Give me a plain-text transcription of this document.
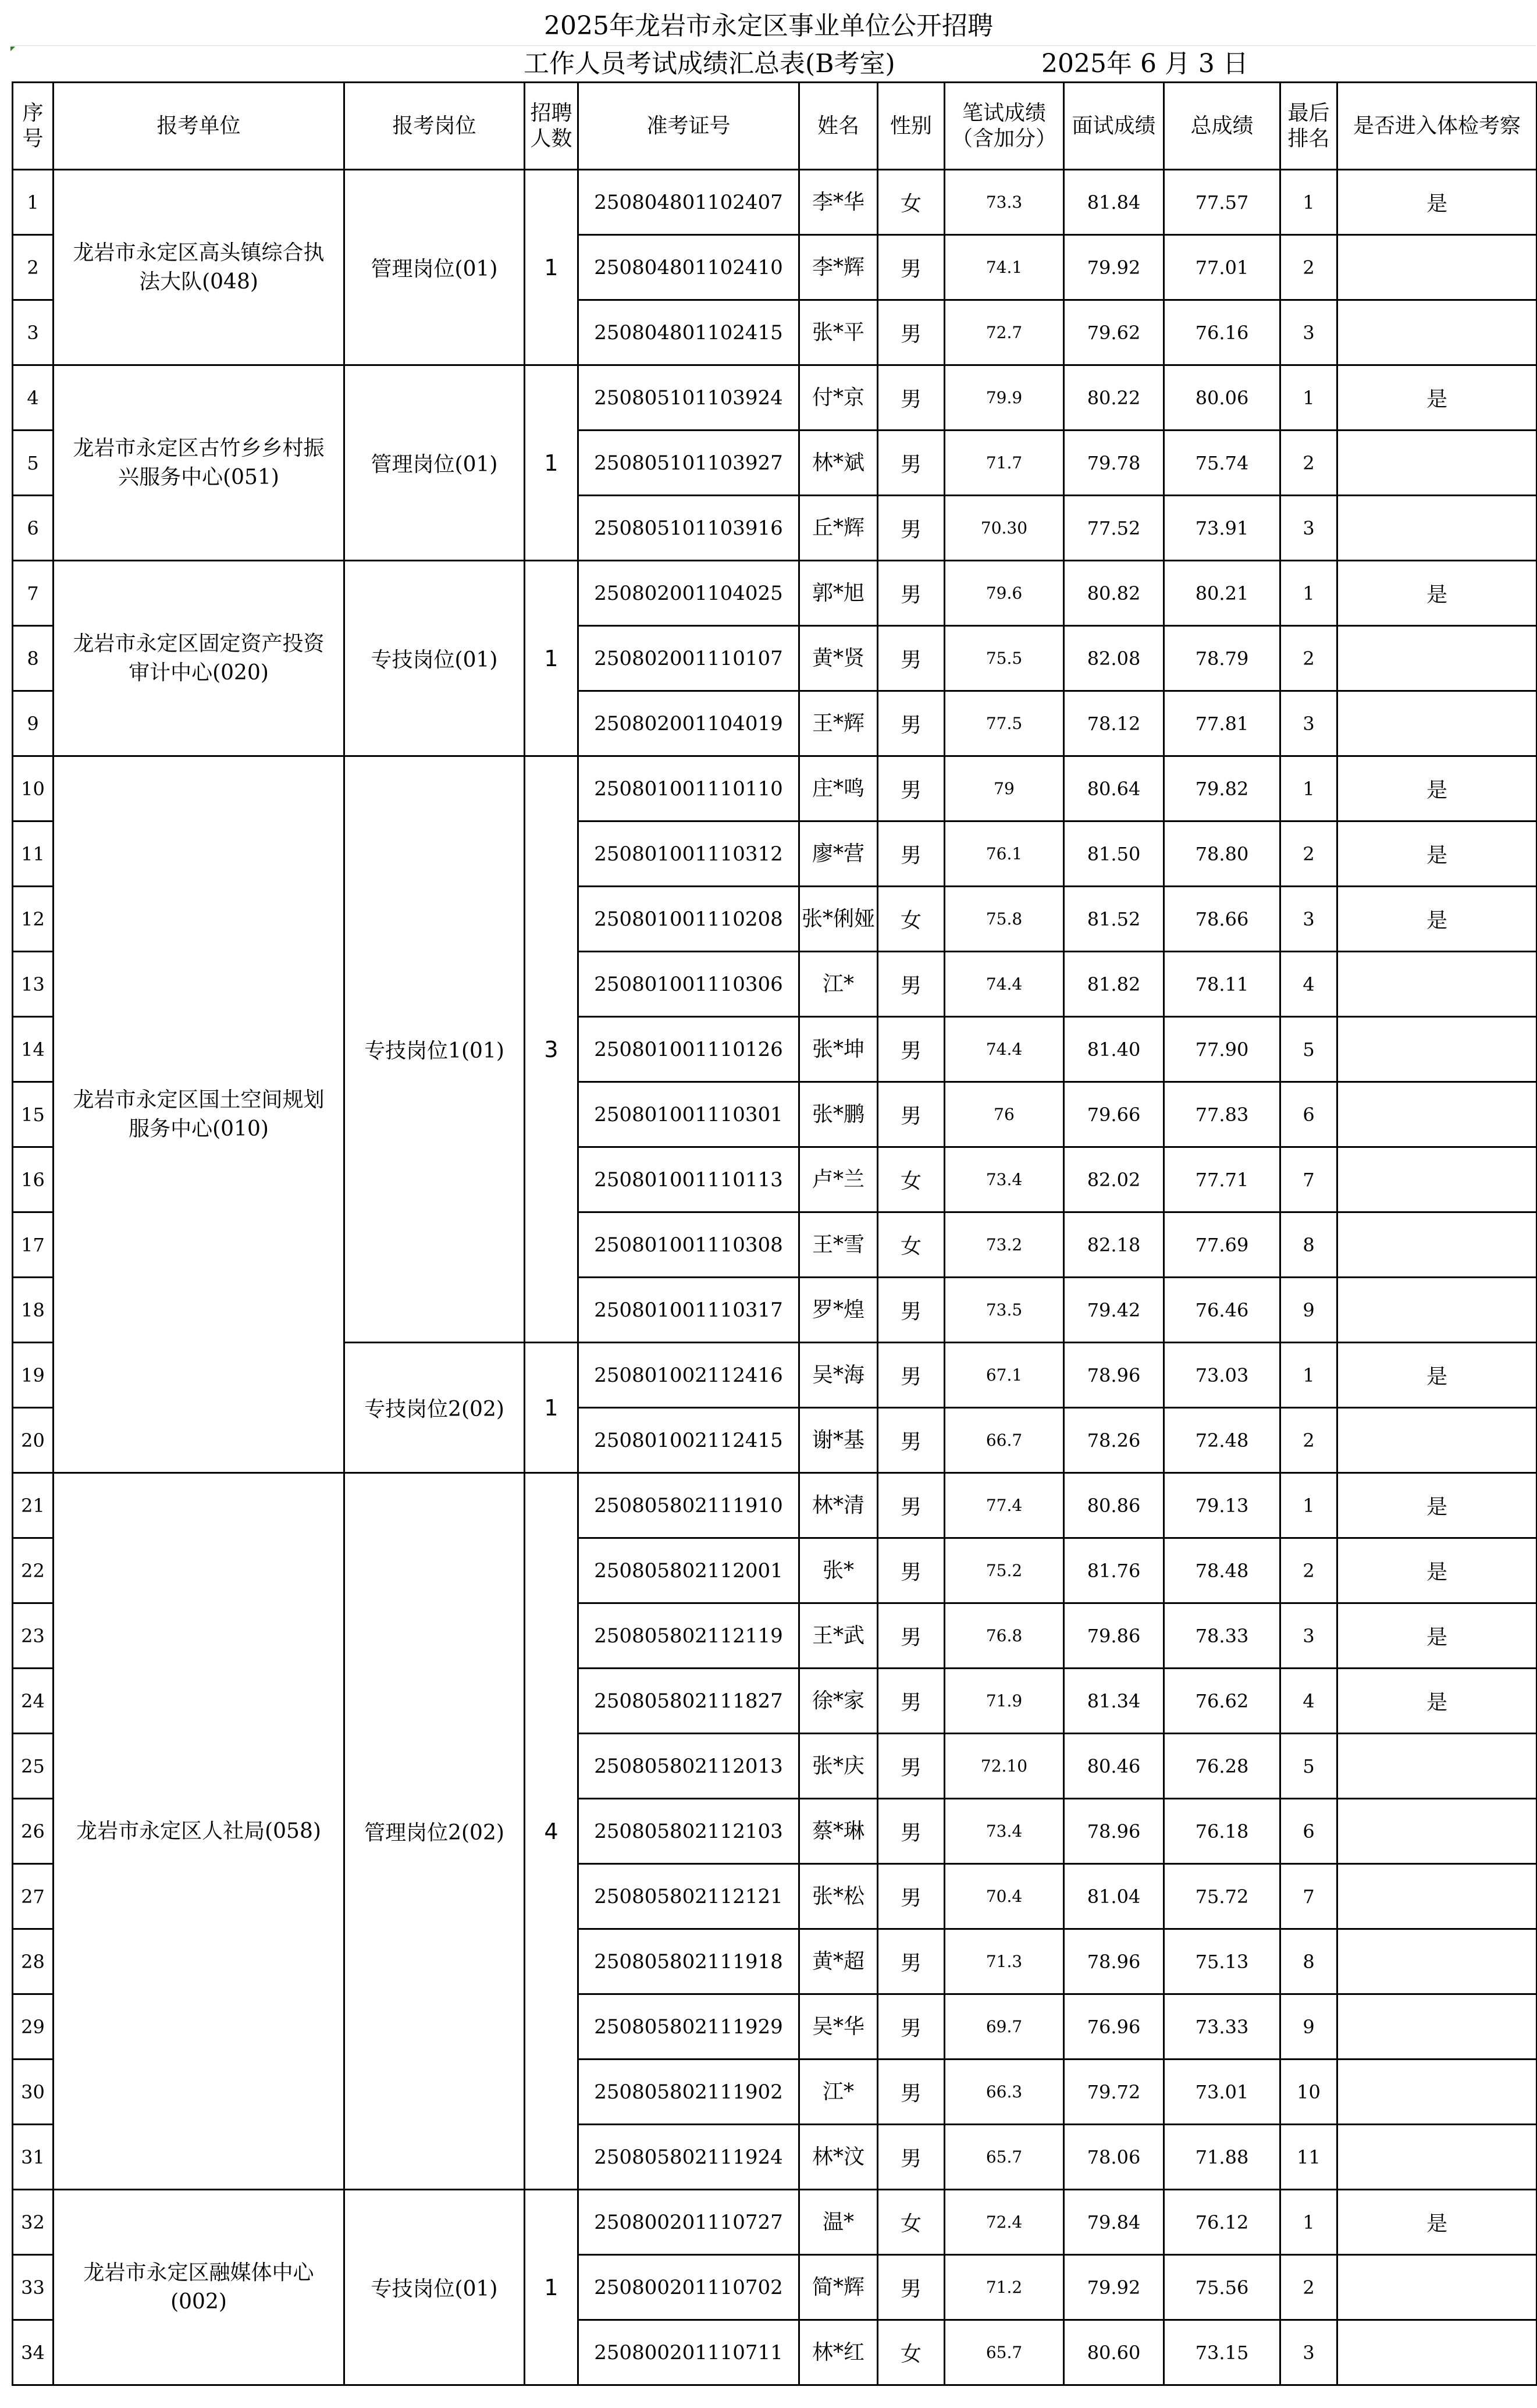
2025年龙岩市永定区事业单位公开招聘
工作人员考试成绩汇总表(B考室)	2025年 6 月 3 日
序号	报考单位	报考岗位	招聘人数	准考证号	姓名	性别	笔试成绩（含加分）	面试成绩	总成绩	最后排名	是否进入体检考察
1	龙岩市永定区高头镇综合执法大队(048)	管理岗位(01)	1	250804801102407	李*华	女	73.3	81.84	77.57	1	是
2				250804801102410	李*辉	男	74.1	79.92	77.01	2	
3				250804801102415	张*平	男	72.7	79.62	76.16	3	
4	龙岩市永定区古竹乡乡村振兴服务中心(051)	管理岗位(01)	1	250805101103924	付*京	男	79.9	80.22	80.06	1	是
5				250805101103927	林*斌	男	71.7	79.78	75.74	2	
6				250805101103916	丘*辉	男	70.30	77.52	73.91	3	
7	龙岩市永定区固定资产投资审计中心(020)	专技岗位(01)	1	250802001104025	郭*旭	男	79.6	80.82	80.21	1	是
8				250802001110107	黄*贤	男	75.5	82.08	78.79	2	
9				250802001104019	王*辉	男	77.5	78.12	77.81	3	
10	龙岩市永定区国土空间规划服务中心(010)	专技岗位1(01)	3	250801001110110	庄*鸣	男	79	80.64	79.82	1	是
11				250801001110312	廖*营	男	76.1	81.50	78.80	2	是
12				250801001110208	张*俐娅	女	75.8	81.52	78.66	3	是
13				250801001110306	江*	男	74.4	81.82	78.11	4	
14				250801001110126	张*坤	男	74.4	81.40	77.90	5	
15				250801001110301	张*鹏	男	76	79.66	77.83	6	
16				250801001110113	卢*兰	女	73.4	82.02	77.71	7	
17				250801001110308	王*雪	女	73.2	82.18	77.69	8	
18				250801001110317	罗*煌	男	73.5	79.42	76.46	9	
19		专技岗位2(02)	1	250801002112416	吴*海	男	67.1	78.96	73.03	1	是
20				250801002112415	谢*基	男	66.7	78.26	72.48	2	
21	龙岩市永定区人社局(058)	管理岗位2(02)	4	250805802111910	林*清	男	77.4	80.86	79.13	1	是
22				250805802112001	张*	男	75.2	81.76	78.48	2	是
23				250805802112119	王*武	男	76.8	79.86	78.33	3	是
24				250805802111827	徐*家	男	71.9	81.34	76.62	4	是
25				250805802112013	张*庆	男	72.10	80.46	76.28	5	
26				250805802112103	蔡*琳	男	73.4	78.96	76.18	6	
27				250805802112121	张*松	男	70.4	81.04	75.72	7	
28				250805802111918	黄*超	男	71.3	78.96	75.13	8	
29				250805802111929	吴*华	男	69.7	76.96	73.33	9	
30				250805802111902	江*	男	66.3	79.72	73.01	10	
31				250805802111924	林*汶	男	65.7	78.06	71.88	11	
32	龙岩市永定区融媒体中心(002)	专技岗位(01)	1	250800201110727	温*	女	72.4	79.84	76.12	1	是
33				250800201110702	简*辉	男	71.2	79.92	75.56	2	
34				250800201110711	林*红	女	65.7	80.60	73.15	3	
